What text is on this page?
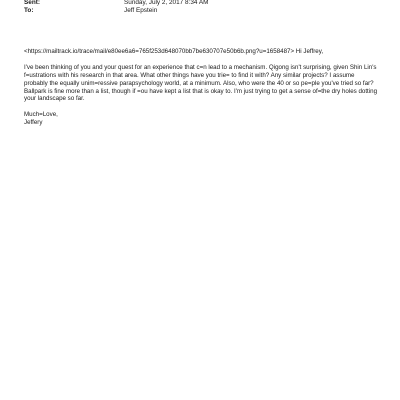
Sent:	Sunday, July 2, 2017 8:34 AM
To:	Jeff Epstein
<https://mailtrack.io/trace/mail/e80ee6a6=765f253d648070bb7be630707e50b6b.png?u=1658487> Hi Jeffrey,

I've been thinking of you and your quest for an experience that c=n lead to a mechanism. Qigong isn't surprising, given Shin Lin's f=ustrations with his research in that area. What other things have you trie= to find it with? Any similar projects? I assume probably the equally unim=ressive parapsychology world, at a minimum. Also, who were the 40 or so pe=ple you've tried so far? Ballpark is fine more than a list, though if =ou have kept a list that is okay to. I'm just trying to get a sense of=the dry holes dotting your landscape so far.

Much=Love,
Jeffery
